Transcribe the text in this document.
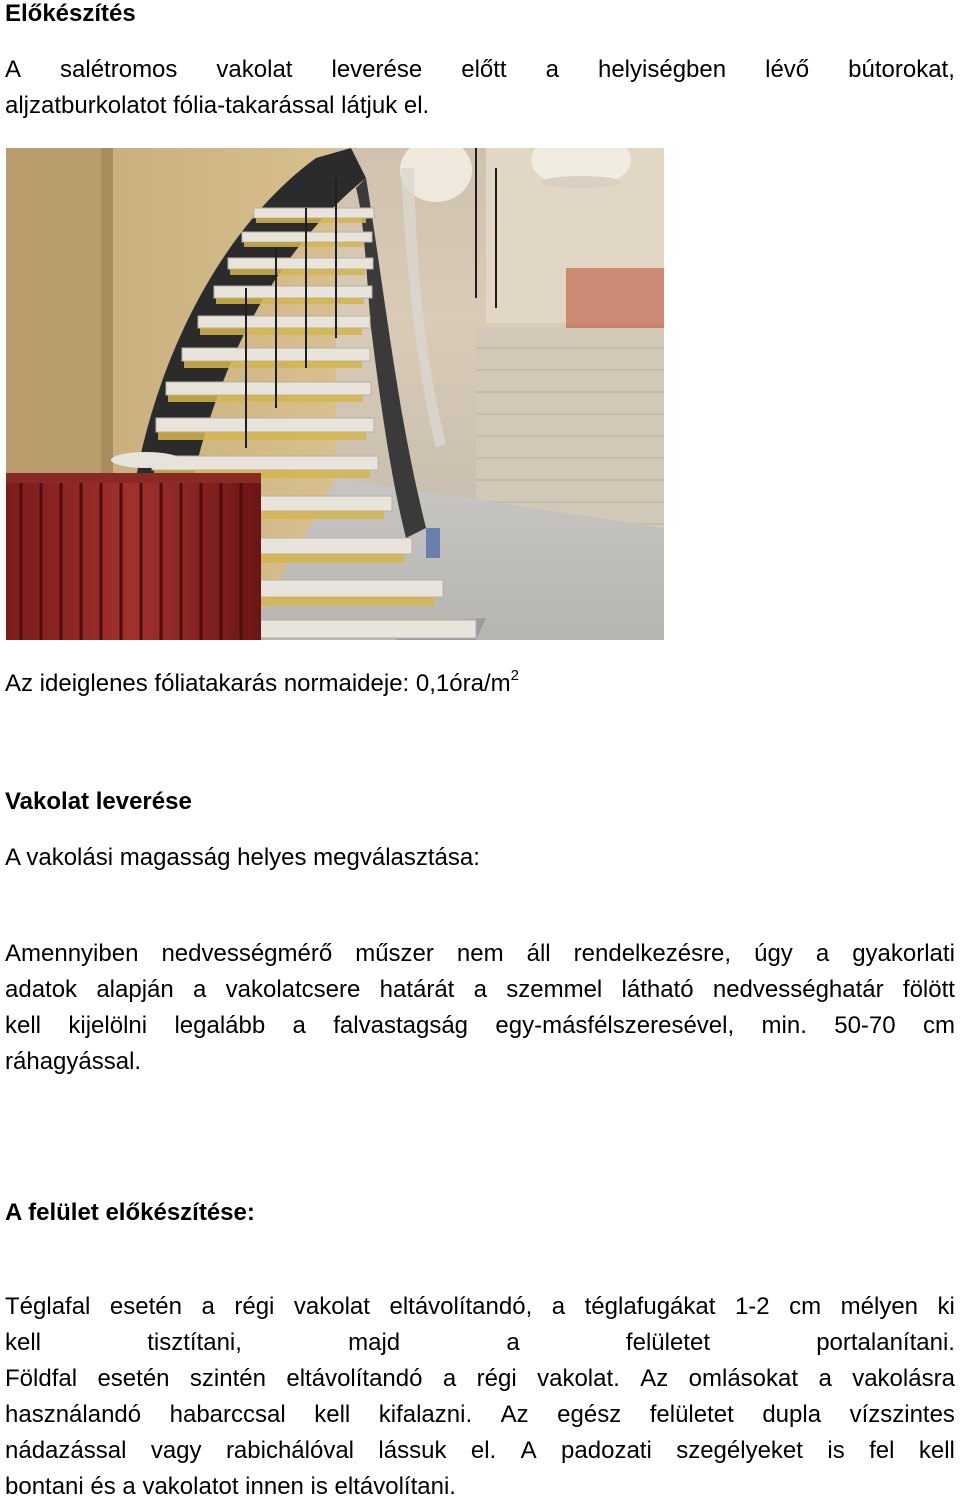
Előkészítés
A salétromos vakolat leverése előtt a helyiségben lévő bútorokat,
aljzatburkolatot fólia-takarással látjuk el.

Az ideiglenes fóliatakarás normaideje: $0,1óra/m^2$

Vakolat leverése

A vakolási magasság helyes megválasztása:

Amennyiben nedvességmérő műszer nem áll rendelkezésre, úgy a gyakorlati
adatok alapján a vakolatcsere határát a szemmel látható nedvességhatár fölött
kell kijelölni legalább a falvastagság egy-másfélszeresével, min. 50-70 cm
ráhagyással.
A felület előkészítése:
Téglafal esetén a régi vakolat eltávolítandó, a téglafugákat 1-2 cm mélyen ki
kell	tisztítani,	majd	a	felületet	portalanítani.
Földfal esetén szintén eltávolítandó a régi vakolat. Az omlásokat a vakolásra
használandó habarccsal kell kifalazni. Az egész felületet dupla vízszintes
nádazással vagy rabichálóval lássuk el. A padozati szegélyeket is fel kell
bontani és a vakolatot innen is eltávolítani.
